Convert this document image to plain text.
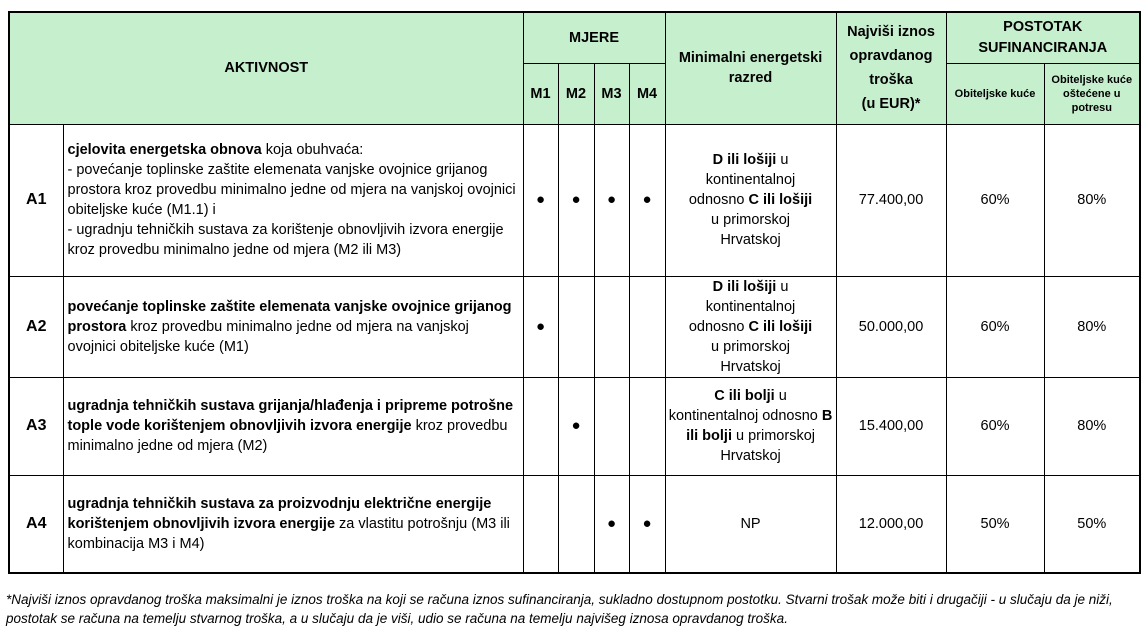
AKTIVNOST		MJERE				Minimalni energetski razred	Najviši iznos opravdanog troška
(u EUR)*	POSTOTAK SUFINANCIRANJA	
		M1	M2	M3	M4			Obiteljske kuće	Obiteljske kuće
oštećene u potresu

A1	cjelovita energetska obnova koja obuhvaća:
- povećanje toplinske zaštite elemenata vanjske ovojnice grijanog prostora kroz provedbu minimalno jedne od mjera na vanjskoj ovojnici obiteljske kuće (M1.1) i
- ugradnju tehničkih sustava za korištenje obnovljivih izvora energije kroz provedbu minimalno jedne od mjera (M2 ili M3)	●	●	●	●	D ili lošiji u kontinentalnoj odnosno C ili lošiji u primorskoj Hrvatskoj	77.400,00	60%	80%
A2	povećanje toplinske zaštite elemenata vanjske ovojnice grijanog prostora kroz provedbu minimalno jedne od mjera na vanjskoj ovojnici obiteljske kuće (M1)	●				D ili lošiji u kontinentalnoj odnosno C ili lošiji u primorskoj Hrvatskoj	50.000,00	60%	80%
A3	ugradnja tehničkih sustava grijanja/hlađenja i pripreme potrošne tople vode korištenjem obnovljivih izvora energije kroz provedbu minimalno jedne od mjera (M2)		●			C ili bolji u kontinentalnoj odnosno B ili bolji u primorskoj Hrvatskoj	15.400,00	60%	80%
A4	ugradnja tehničkih sustava za proizvodnju električne energije korištenjem obnovljivih izvora energije za vlastitu potrošnju (M3 ili kombinacija M3 i M4)			●	●	NP	12.000,00	50%	50%
*Najviši iznos opravdanog troška maksimalni je iznos troška na koji se računa iznos sufinanciranja, sukladno dostupnom postotku. Stvarni trošak može biti i drugačiji - u slučaju da je niži, postotak se računa na temelju stvarnog troška, a u slučaju da je viši, udio se računa na temelju najvišeg iznosa opravdanog troška.
